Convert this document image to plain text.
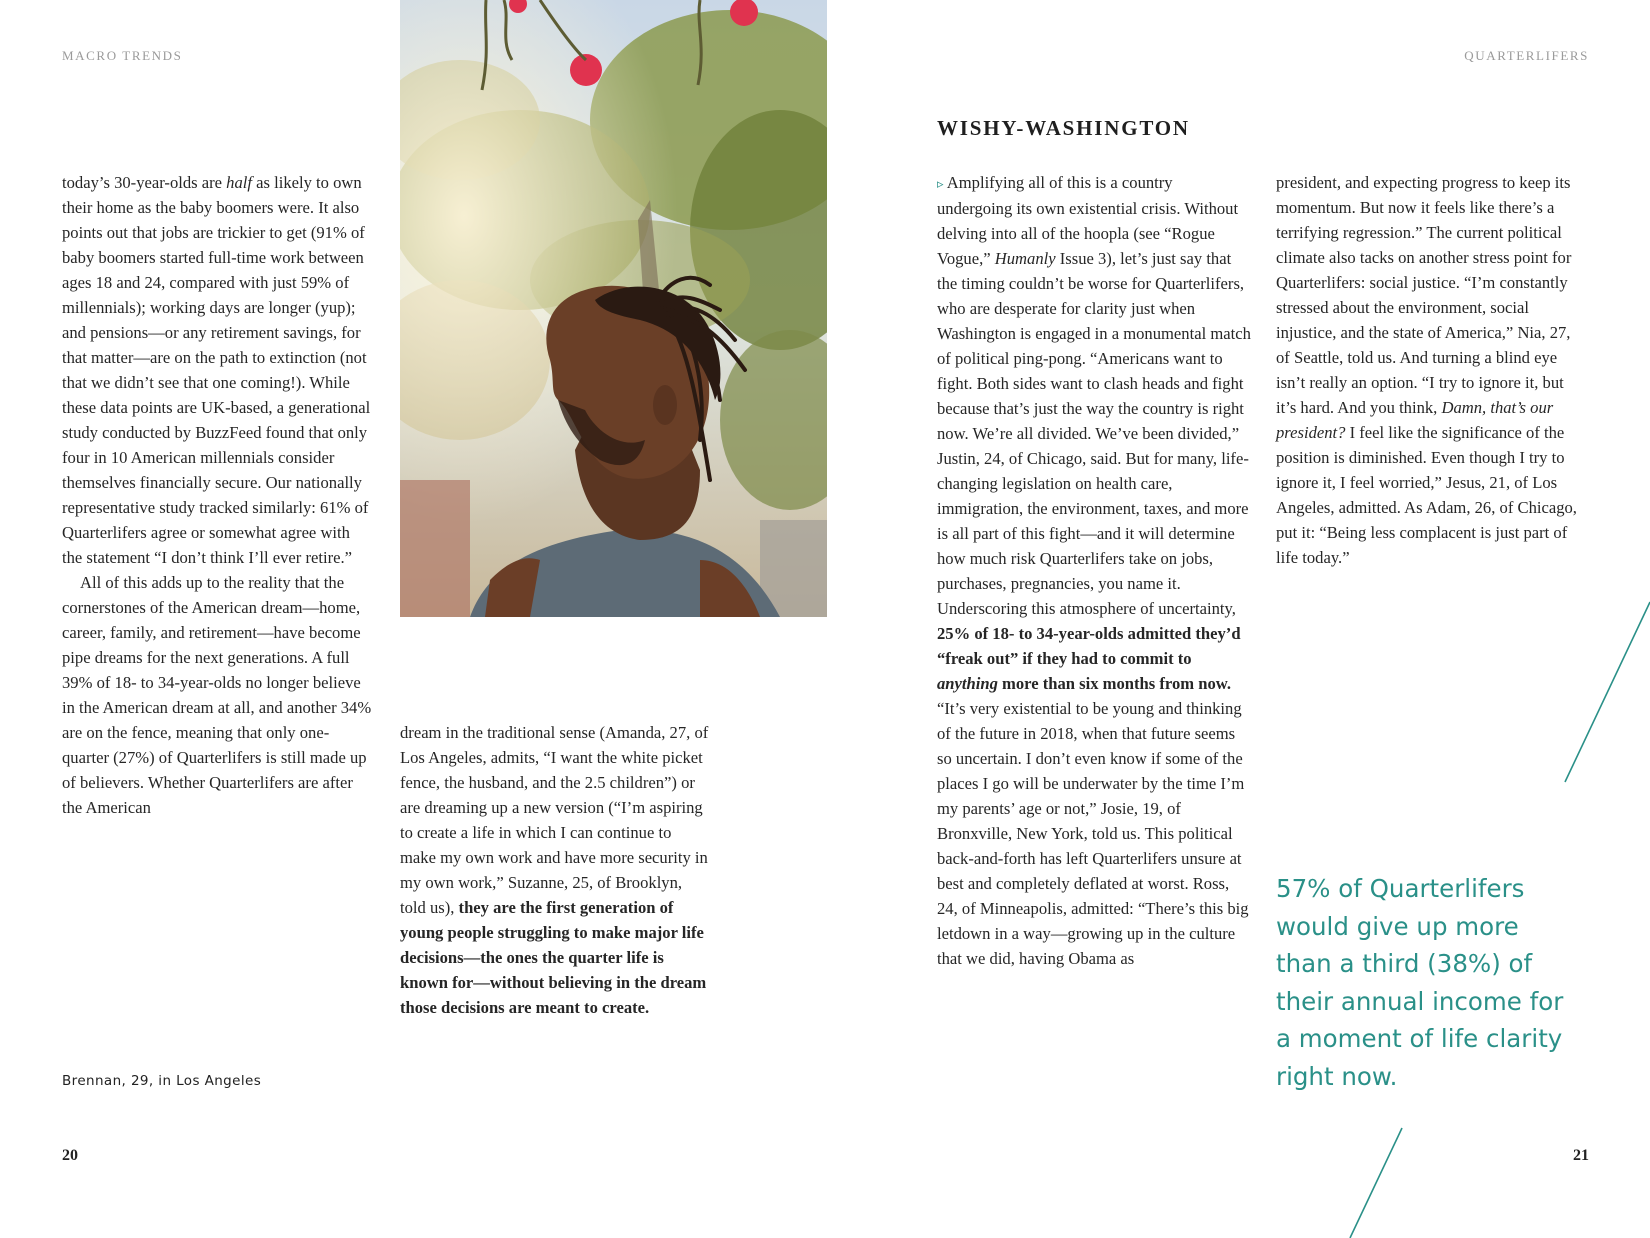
MACRO TRENDS	QUARTERLIFERS

today’s 30-year-olds are half as likely to own their home as the baby boomers were. It also points out that jobs are trickier to get (91% of baby boomers started full-time work between ages 18 and 24, compared with just 59% of millennials); working days are longer (yup); and pensions—or any retirement savings, for that matter—are on the path to extinction (not that we didn’t see that one coming!). While these data points are UK-based, a generational study conducted by BuzzFeed found that only four in 10 American millennials consider themselves financially secure. Our nationally representative study tracked similarly: 61% of Quarterlifers agree or somewhat agree with the statement “I don’t think I’ll ever retire.”

All of this adds up to the reality that the cornerstones of the American dream—home, career, family, and retirement—have become pipe dreams for the next generations. A full 39% of 18- to 34-year-olds no longer believe in the American dream at all, and another 34% are on the fence, meaning that only one-quarter (27%) of Quarterlifers is still made up of believers. Whether Quarterlifers are after the American

dream in the traditional sense (Amanda, 27, of Los Angeles, admits, “I want the white picket fence, the husband, and the 2.5 children”) or are dreaming up a new version (“I’m aspiring to create a life in which I can continue to make my own work and have more security in my own work,” Suzanne, 25, of Brooklyn, told us), they are the first generation of young people struggling to make major life decisions—the ones the quarter life is known for—without believing in the dream those decisions are meant to create.

WISHY-WASHINGTON

▹ Amplifying all of this is a country undergoing its own existential crisis. Without delving into all of the hoopla (see “Rogue Vogue,” Humanly Issue 3), let’s just say that the timing couldn’t be worse for Quarterlifers, who are desperate for clarity just when Washington is engaged in a monumental match of political ping-pong. “Americans want to fight. Both sides want to clash heads and fight because that’s just the way the country is right now. We’re all divided. We’ve been divided,” Justin, 24, of Chicago, said. But for many, life-changing legislation on health care, immigration, the environment, taxes, and more is all part of this fight—and it will determine how much risk Quarterlifers take on jobs, purchases, pregnancies, you name it. Underscoring this atmosphere of uncertainty, 25% of 18- to 34-year-olds admitted they’d “freak out” if they had to commit to anything more than six months from now. “It’s very existential to be young and thinking of the future in 2018, when that future seems so uncertain. I don’t even know if some of the places I go will be underwater by the time I’m my parents’ age or not,” Josie, 19, of Bronxville, New York, told us. This political back-and-forth has left Quarterlifers unsure at best and completely deflated at worst. Ross, 24, of Minneapolis, admitted: “There’s this big letdown in a way—growing up in the culture that we did, having Obama as

president, and expecting progress to keep its momentum. But now it feels like there’s a terrifying regression.” The current political climate also tacks on another stress point for Quarterlifers: social justice. “I’m constantly stressed about the environment, social injustice, and the state of America,” Nia, 27, of Seattle, told us. And turning a blind eye isn’t really an option. “I try to ignore it, but it’s hard. And you think, Damn, that’s our president? I feel like the significance of the position is diminished. Even though I try to ignore it, I feel worried,” Jesus, 21, of Los Angeles, admitted. As Adam, 26, of Chicago, put it: “Being less complacent is just part of life today.”

57% of Quarterlifers would give up more than a third (38%) of their annual income for a moment of life clarity right now.
Brennan, 29, in Los Angeles
20	21
